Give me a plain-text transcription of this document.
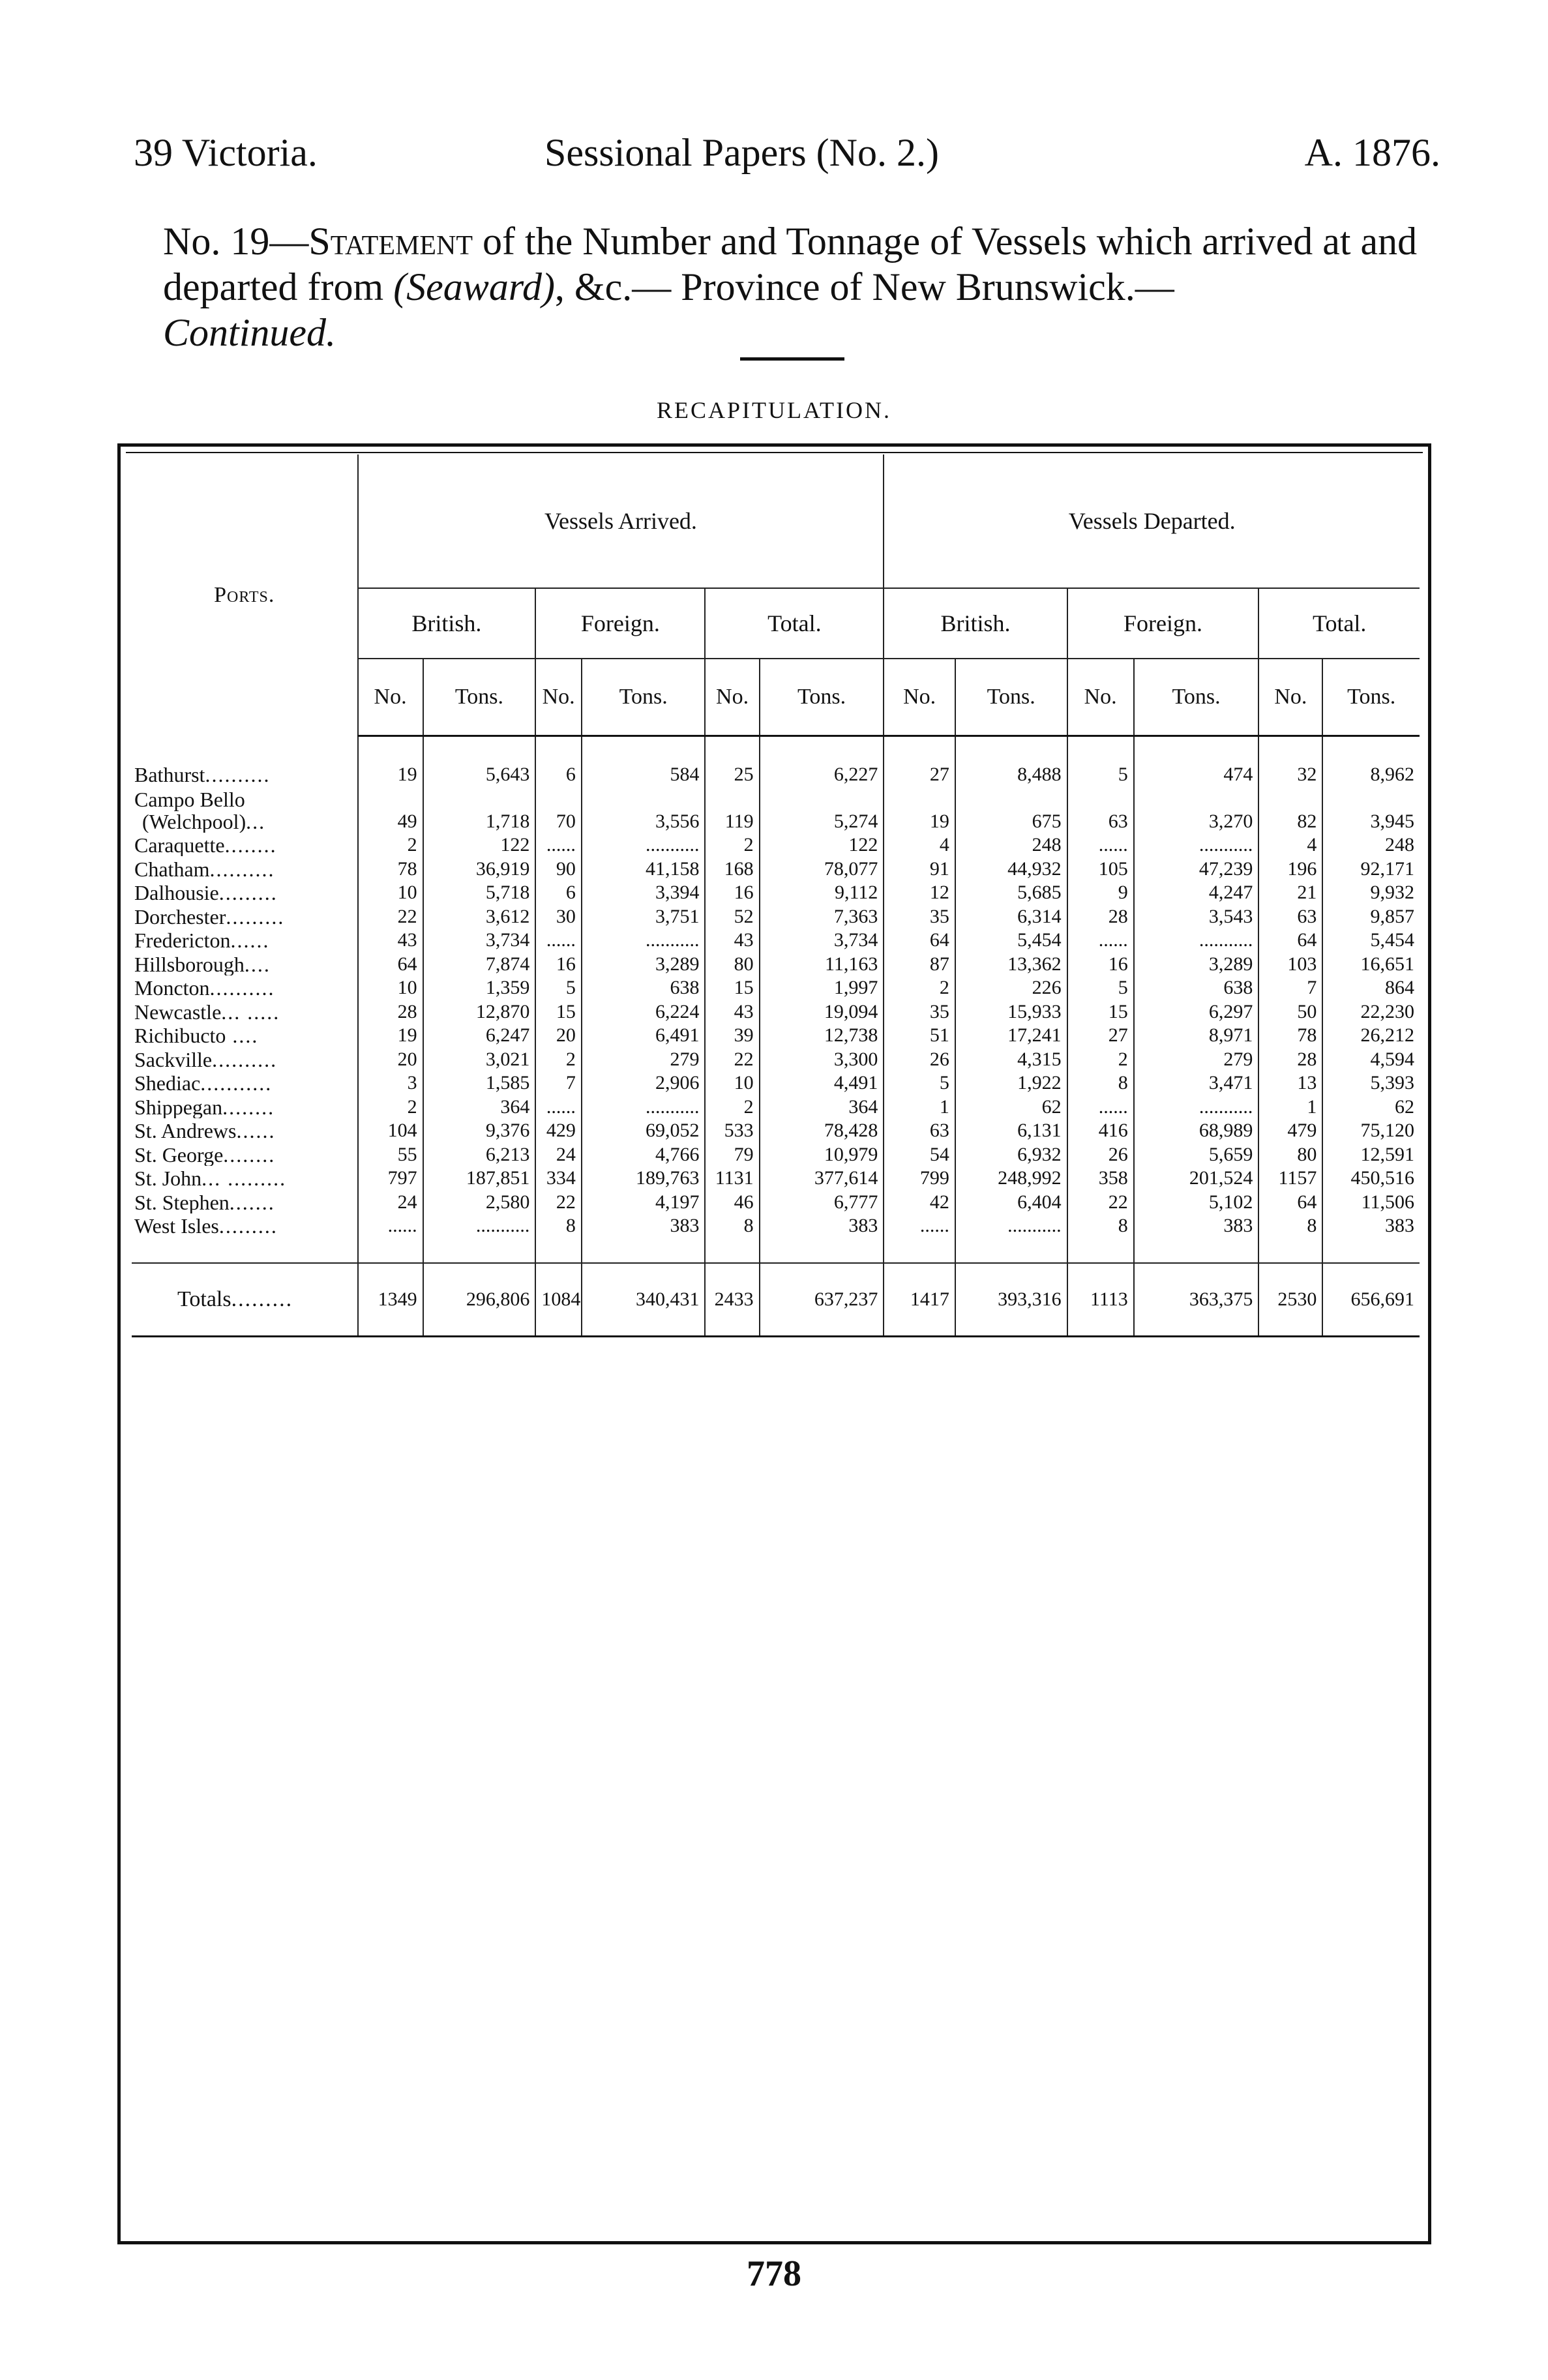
39 Victoria.	Sessional Papers (No. 2.)	A. 1876.
No. 19—Statement of the Number and Tonnage of Vessels which arrived at and departed from (Seaward), &c.— Province of New Brunswick.—
Continued.
RECAPITULATION.
Ports.	Vessels Arrived.						Vessels Departed.					
	British.		Foreign.		Total.		British.		Foreign.		Total.	
	No.	Tons.	No.	Tons.	No.	Tons.	No.	Tons.	No.	Tons.	No.	Tons.

Bathurst..........	19	5,643	6	584	25	6,227	27	8,488	5	474	32	8,962
Campo Bello
(Welchpool)...	49	1,718	70	3,556	119	5,274	19	675	63	3,270	82	3,945
Caraquette........	2	122	......	...........	2	122	4	248	......	...........	4	248
Chatham..........	78	36,919	90	41,158	168	78,077	91	44,932	105	47,239	196	92,171
Dalhousie.........	10	5,718	6	3,394	16	9,112	12	5,685	9	4,247	21	9,932
Dorchester.........	22	3,612	30	3,751	52	7,363	35	6,314	28	3,543	63	9,857
Fredericton......	43	3,734	......	...........	43	3,734	64	5,454	......	...........	64	5,454
Hillsborough....	64	7,874	16	3,289	80	11,163	87	13,362	16	3,289	103	16,651
Moncton..........	10	1,359	5	638	15	1,997	2	226	5	638	7	864
Newcastle... .....	28	12,870	15	6,224	43	19,094	35	15,933	15	6,297	50	22,230
Richibucto ....	19	6,247	20	6,491	39	12,738	51	17,241	27	8,971	78	26,212
Sackville..........	20	3,021	2	279	22	3,300	26	4,315	2	279	28	4,594
Shediac...........	3	1,585	7	2,906	10	4,491	5	1,922	8	3,471	13	5,393
Shippegan........	2	364	......	...........	2	364	1	62	......	...........	1	62
St. Andrews......	104	9,376	429	69,052	533	78,428	63	6,131	416	68,989	479	75,120
St. George........	55	6,213	24	4,766	79	10,979	54	6,932	26	5,659	80	12,591
St. John... .........	797	187,851	334	189,763	1131	377,614	799	248,992	358	201,524	1157	450,516
St. Stephen.......	24	2,580	22	4,197	46	6,777	42	6,404	22	5,102	64	11,506
West Isles.........	......	...........	8	383	8	383	......	...........	8	383	8	383

Totals.........	1349	296,806	1084	340,431	2433	637,237	1417	393,316	1113	363,375	2530	656,691
778
